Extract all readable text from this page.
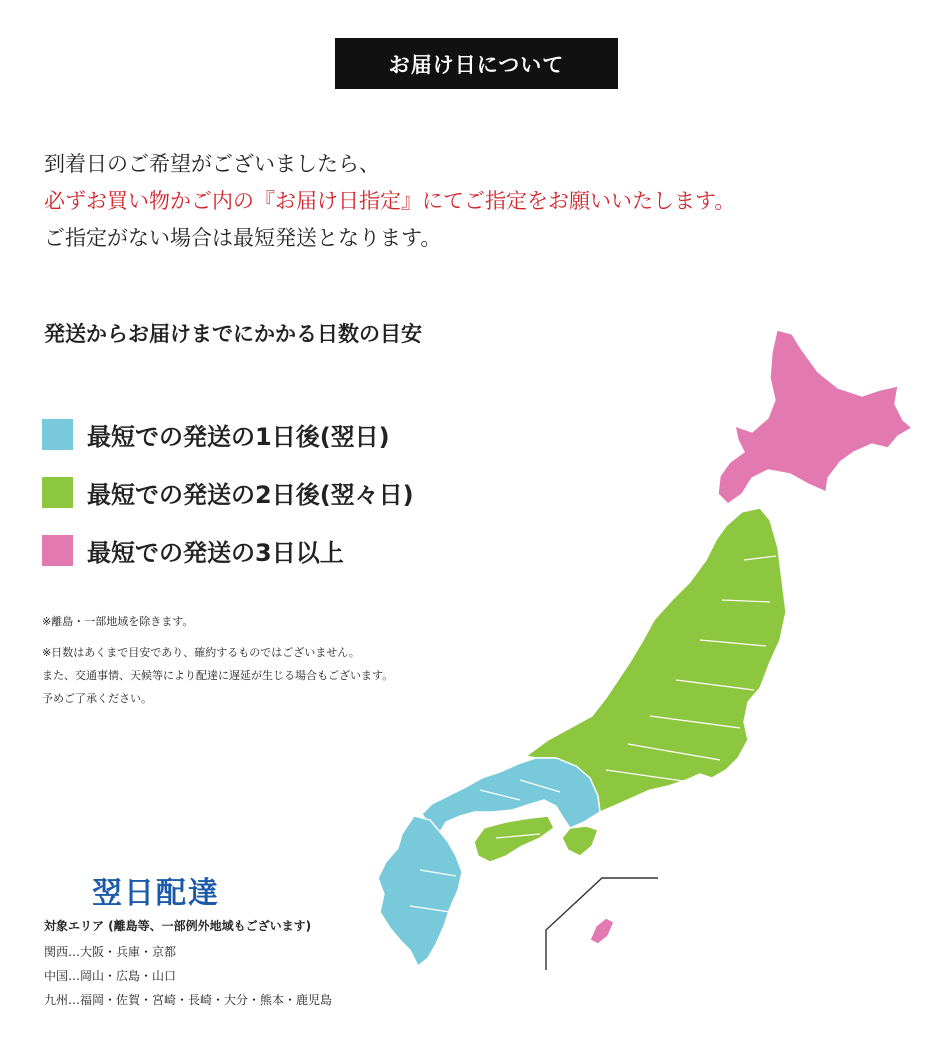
お届け日について
到着日のご希望がございましたら、
必ずお買い物かご内の『お届け日指定』にてご指定をお願いいたします。
ご指定がない場合は最短発送となります。
発送からお届けまでにかかる日数の目安
最短での発送の1日後(翌日)
最短での発送の2日後(翌々日)
最短での発送の3日以上
※離島・一部地域を除きます。
※日数はあくまで目安であり、確約するものではございません。
また、交通事情、天候等により配達に遅延が生じる場合もございます。
予めご了承ください。
翌日配達
対象エリア (離島等、一部例外地域もございます)
関西…大阪・兵庫・京都
中国…岡山・広島・山口
九州…福岡・佐賀・宮崎・長崎・大分・熊本・鹿児島
